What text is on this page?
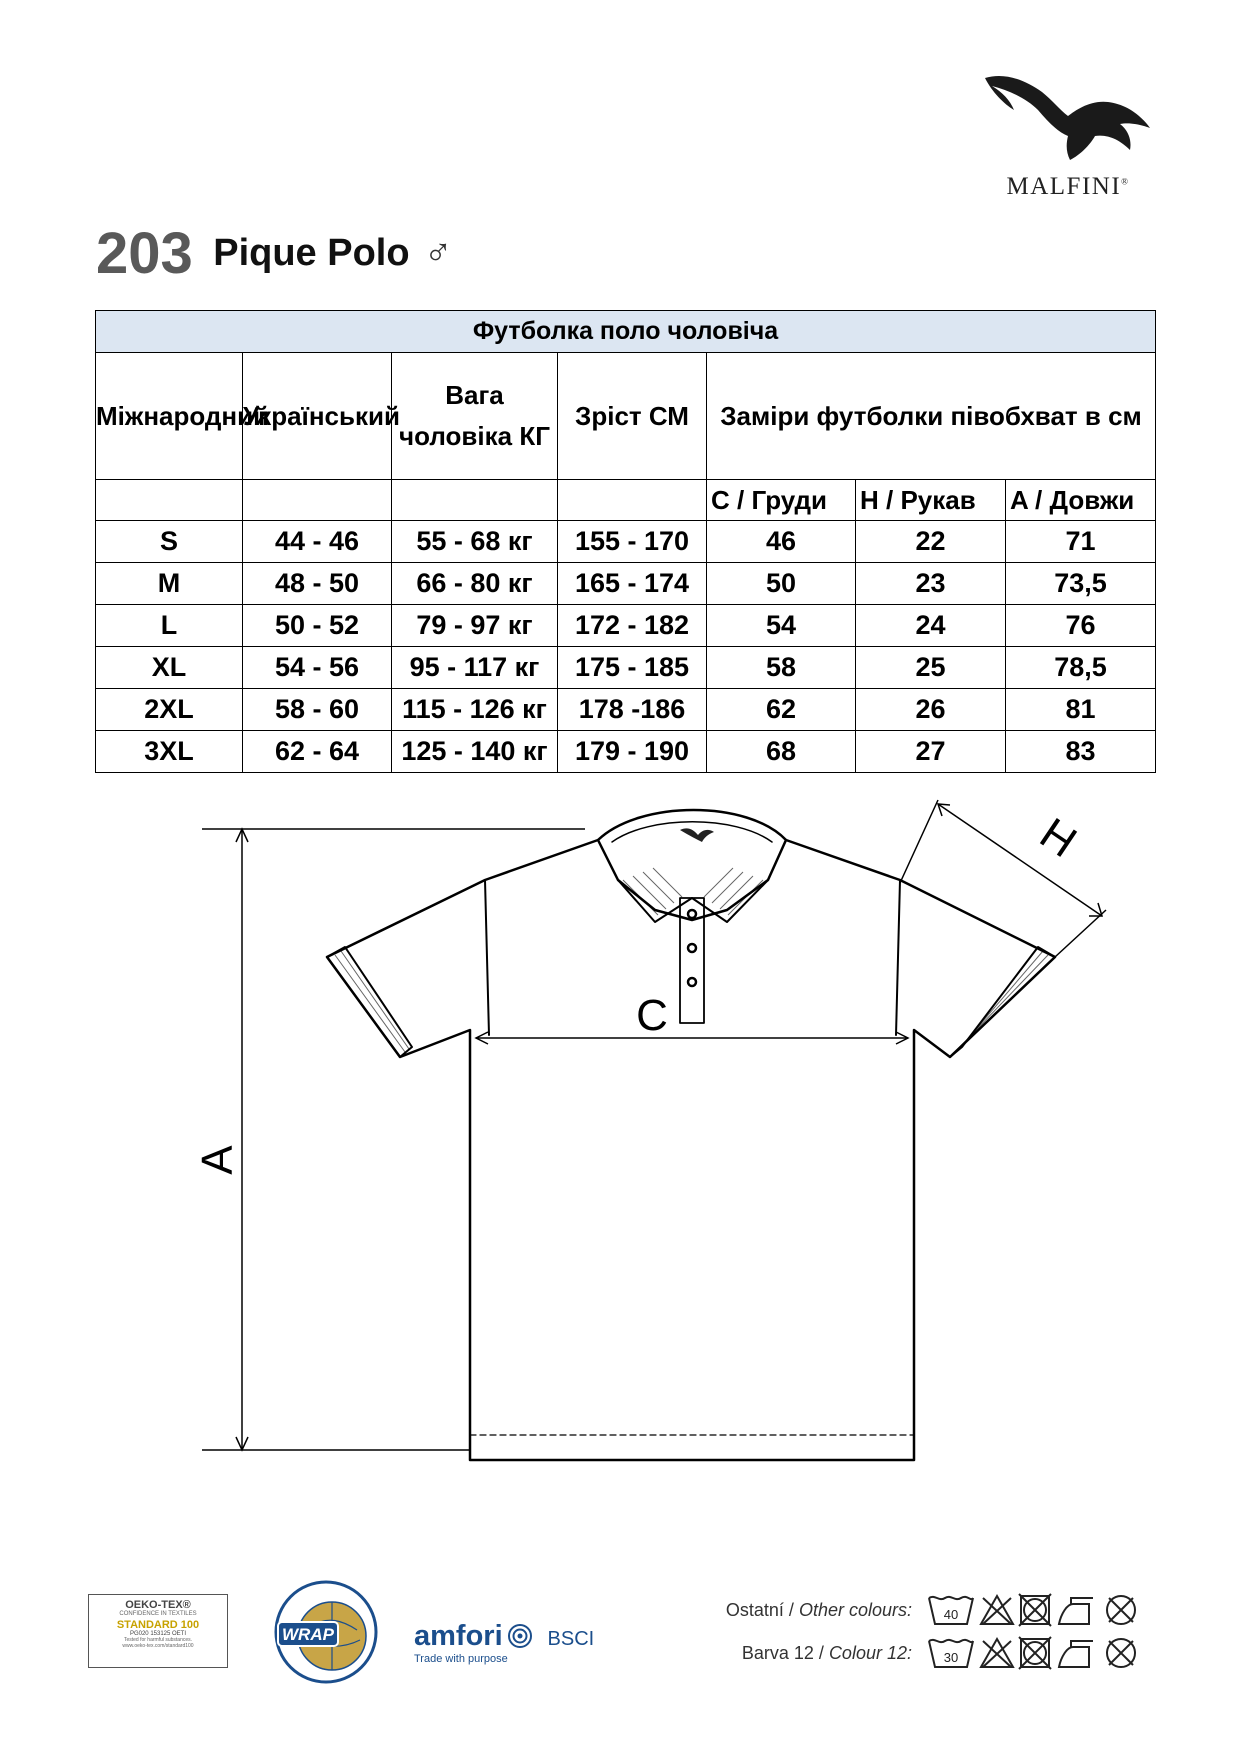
MALFINI®
203 Pique Polo ♂
Футболка поло чоловіча						
Міжнародний	Український	Вага чоловіка КГ	Зріст СМ	Заміри футболки півобхват в см		
				C / Груди	H / Рукав	A / Довжи
S	44 - 46	55 - 68 кг	155 - 170	46	22	71
M	48 - 50	66 - 80 кг	165 - 174	50	23	73,5
L	50 - 52	79 - 97 кг	172 - 182	54	24	76
XL	54 - 56	95 - 117 кг	175 - 185	58	25	78,5
2XL	58 - 60	115 - 126 кг	178 -186	62	26	81
3XL	62 - 64	125 - 140 кг	179 - 190	68	27	83
A
C
H
OEKO-TEX®
CONFIDENCE IN TEXTILES
STANDARD 100
PG020 153125 OETI
Tested for harmful substances.
www.oeko-tex.com/standard100
WRAP	amfori BSCI
Trade with purpose
Ostatní / Other colours:
Barva 12 / Colour 12:
40
30
